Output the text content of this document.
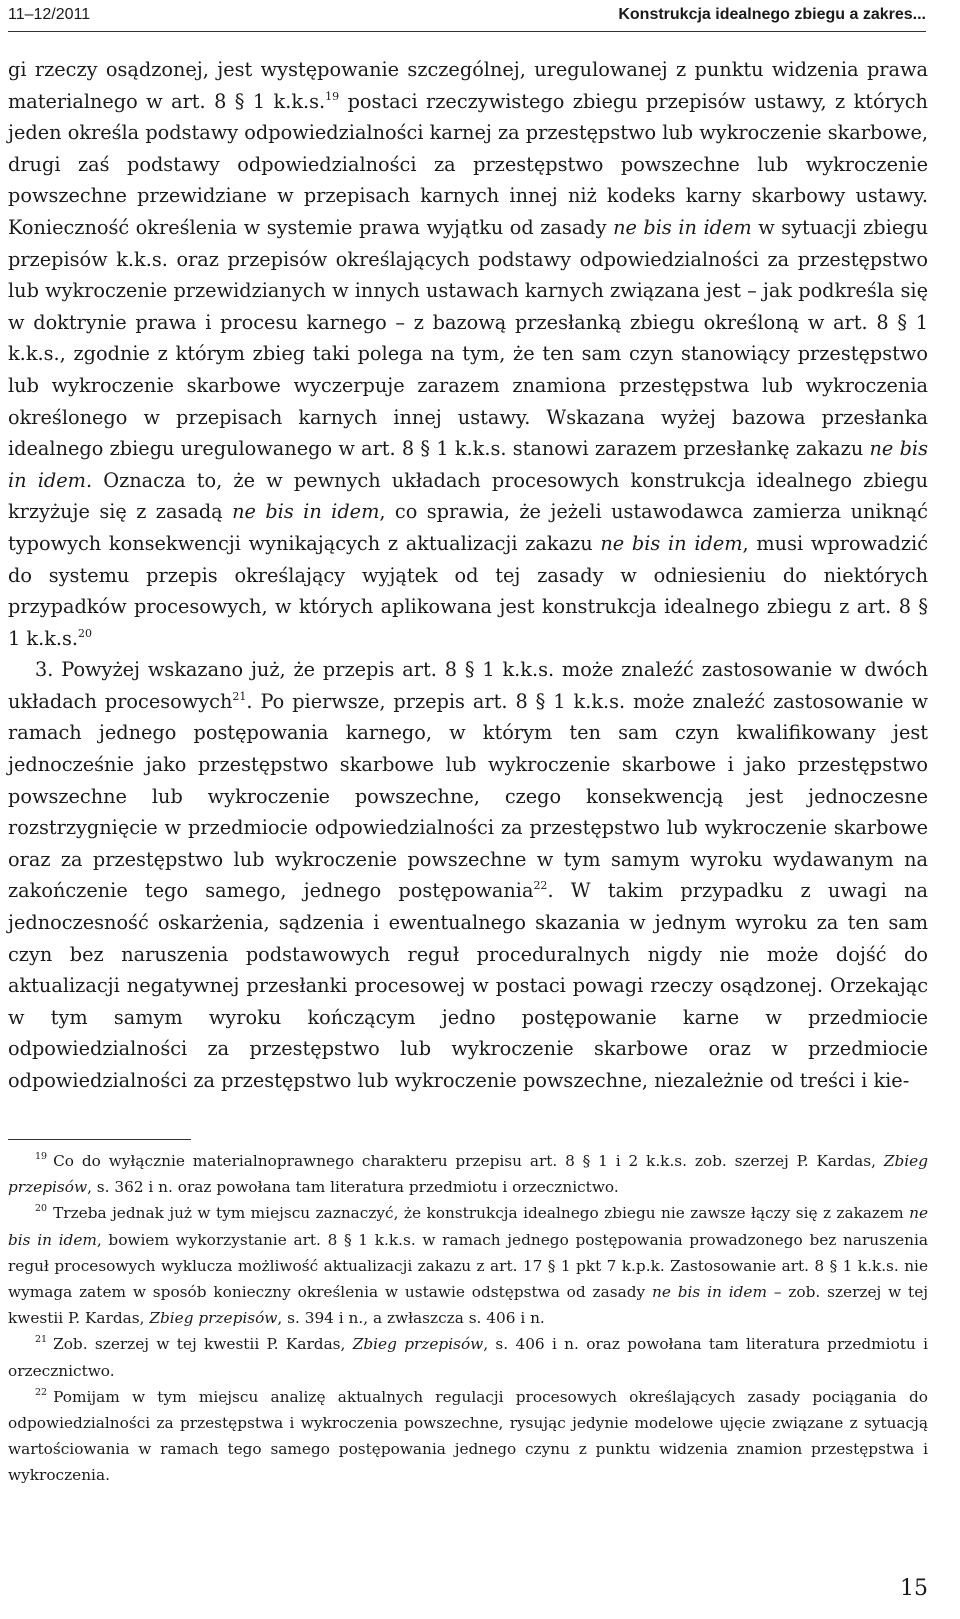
11–12/2011	Konstrukcja idealnego zbiegu a zakres...

gi rzeczy osądzonej, jest występowanie szczególnej, uregulowanej z punktu widzenia prawa materialnego w art. 8 § 1 k.k.s.$^{19}$ postaci rzeczywistego zbiegu przepisów ustawy, z których jeden określa podstawy odpowiedzialności karnej za przestępstwo lub wykroczenie skarbowe, drugi zaś podstawy odpowiedzialności za przestępstwo powszechne lub wykroczenie powszechne przewidziane w przepisach karnych innej niż kodeks karny skarbowy ustawy. Konieczność określenia w systemie prawa wyjątku od zasady ne bis in idem w sytuacji zbiegu przepisów k.k.s. oraz przepisów określających podstawy odpowiedzialności za przestępstwo lub wykroczenie przewidzianych w innych ustawach karnych związana jest – jak podkreśla się w doktrynie prawa i procesu karnego – z bazową przesłanką zbiegu określoną w art. 8 § 1 k.k.s., zgodnie z którym zbieg taki polega na tym, że ten sam czyn stanowiący przestępstwo lub wykroczenie skarbowe wyczerpuje zarazem znamiona przestępstwa lub wykroczenia określonego w przepisach karnych innej ustawy. Wskazana wyżej bazowa przesłanka idealnego zbiegu uregulowanego w art. 8 § 1 k.k.s. stanowi zarazem przesłankę zakazu ne bis in idem. Oznacza to, że w pewnych układach procesowych konstrukcja idealnego zbiegu krzyżuje się z zasadą ne bis in idem, co sprawia, że jeżeli ustawodawca zamierza uniknąć typowych konsekwencji wynikających z aktualizacji zakazu ne bis in idem, musi wprowadzić do systemu przepis określający wyjątek od tej zasady w odniesieniu do niektórych przypadków procesowych, w których aplikowana jest konstrukcja idealnego zbiegu z art. 8 § 1 k.k.s.$^{20}$

3. Powyżej wskazano już, że przepis art. 8 § 1 k.k.s. może znaleźć zastosowanie w dwóch układach procesowych$^{21}$. Po pierwsze, przepis art. 8 § 1 k.k.s. może znaleźć zastosowanie w ramach jednego postępowania karnego, w którym ten sam czyn kwalifikowany jest jednocześnie jako przestępstwo skarbowe lub wykroczenie skarbowe i jako przestępstwo powszechne lub wykroczenie powszechne, czego konsekwencją jest jednoczesne rozstrzygnięcie w przedmiocie odpowiedzialności za przestępstwo lub wykroczenie skarbowe oraz za przestępstwo lub wykroczenie powszechne w tym samym wyroku wydawanym na zakończenie tego samego, jednego postępowania$^{22}$. W takim przypadku z uwagi na jednoczesność oskarżenia, sądzenia i ewentualnego skazania w jednym wyroku za ten sam czyn bez naruszenia podstawowych reguł proceduralnych nigdy nie może dojść do aktualizacji negatywnej przesłanki procesowej w postaci powagi rzeczy osądzonej. Orzekając w tym samym wyroku kończącym jedno postępowanie karne w przedmiocie odpowiedzialności za przestępstwo lub wykroczenie skarbowe oraz w przedmiocie odpowiedzialności za przestępstwo lub wykroczenie powszechne, niezależnie od treści i kie-

$^{19}$ Co do wyłącznie materialnoprawnego charakteru przepisu art. 8 § 1 i 2 k.k.s. zob. szerzej P. Kardas, Zbieg przepisów, s. 362 i n. oraz powołana tam literatura przedmiotu i orzecznictwo.

$^{20}$ Trzeba jednak już w tym miejscu zaznaczyć, że konstrukcja idealnego zbiegu nie zawsze łączy się z zakazem ne bis in idem, bowiem wykorzystanie art. 8 § 1 k.k.s. w ramach jednego postępowania prowadzonego bez naruszenia reguł procesowych wyklucza możliwość aktualizacji zakazu z art. 17 § 1 pkt 7 k.p.k. Zastosowanie art. 8 § 1 k.k.s. nie wymaga zatem w sposób konieczny określenia w ustawie odstępstwa od zasady ne bis in idem – zob. szerzej w tej kwestii P. Kardas, Zbieg przepisów, s. 394 i n., a zwłaszcza s. 406 i n.

$^{21}$ Zob. szerzej w tej kwestii P. Kardas, Zbieg przepisów, s. 406 i n. oraz powołana tam literatura przedmiotu i orzecznictwo.

$^{22}$ Pomijam w tym miejscu analizę aktualnych regulacji procesowych określających zasady pociągania do odpowiedzialności za przestępstwa i wykroczenia powszechne, rysując jedynie modelowe ujęcie związane z sytuacją wartościowania w ramach tego samego postępowania jednego czynu z punktu widzenia znamion przestępstwa i wykroczenia.

15
